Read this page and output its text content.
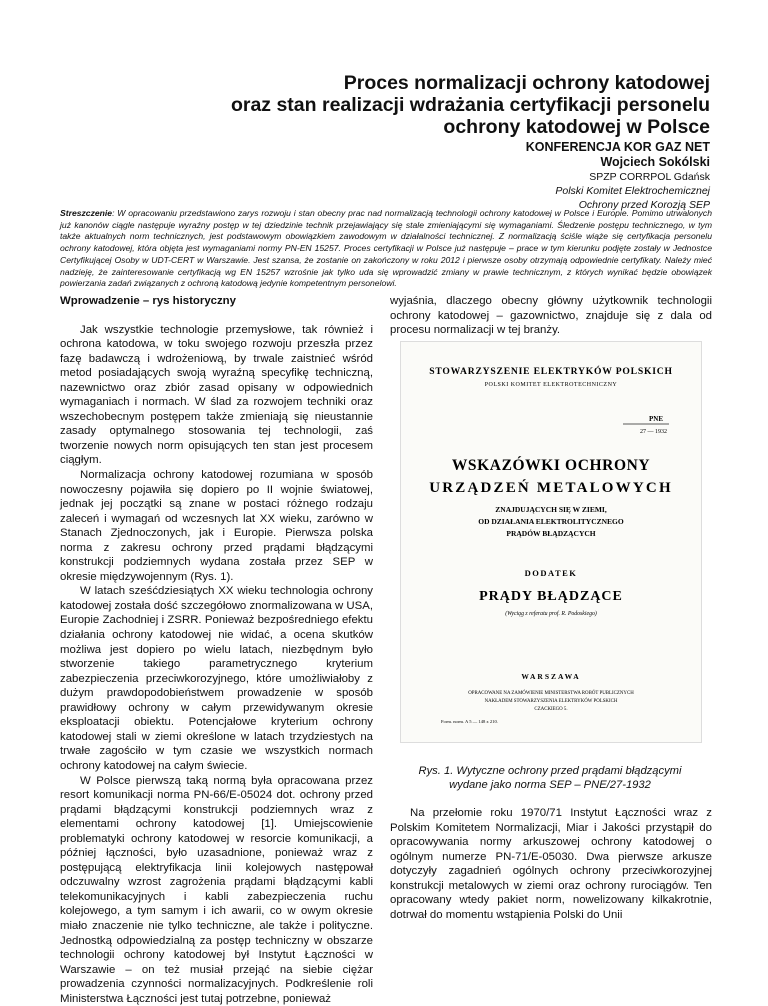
Proces normalizacji ochrony katodowej
oraz stan realizacji wdrażania certyfikacji personelu
ochrony katodowej w Polsce
KONFERENCJA KOR GAZ NET
Wojciech Sokólski
SPZP CORRPOL Gdańsk
Polski Komitet Elektrochemicznej
Ochrony przed Korozją SEP
Streszczenie: W opracowaniu przedstawiono zarys rozwoju i stan obecny prac nad normalizacją technologii ochrony katodowej w Polsce i Europie. Pomimo utrwalonych już kanonów ciągle następuje wyraźny postęp w tej dziedzinie technik przejawiający się stale zmieniającymi się wymaganiami. Śledzenie postępu technicznego, w tym także aktualnych norm technicznych, jest podstawowym obowiązkiem zawodowym w działalności technicznej. Z normalizacją ściśle wiąże się certyfikacja personelu ochrony katodowej, która objęta jest wymaganiami normy PN-EN 15257. Proces certyfikacji w Polsce już następuje – prace w tym kierunku podjęte zostały w Jednostce Certyfikującej Osoby w UDT-CERT w Warszawie. Jest szansa, że zostanie on zakończony w roku 2012 i pierwsze osoby otrzymają odpowiednie certyfikaty. Należy mieć nadzieję, że zainteresowanie certyfikacją wg EN 15257 wzrośnie jak tylko uda się wprowadzić zmiany w prawie technicznym, z których wynikać będzie obowiązek powierzania zadań związanych z ochroną katodową jedynie kompetentnym personelowi.
Wprowadzenie – rys historyczny

Jak wszystkie technologie przemysłowe, tak również i ochrona katodowa, w toku swojego rozwoju przeszła przez fazę badawczą i wdrożeniową, by trwale zaistnieć wśród metod posiadających swoją wyraźną specyfikę techniczną, nazewnictwo oraz zbiór zasad opisany w odpowiednich wymaganiach i normach. W ślad za rozwojem techniki oraz wszechobecnym postępem także zmieniają się nieustannie zasady optymalnego stosowania tej technologii, zaś tworzenie nowych norm opisujących ten stan jest procesem ciągłym.

Normalizacja ochrony katodowej rozumiana w sposób nowoczesny pojawiła się dopiero po II wojnie światowej, jednak jej początki są znane w postaci różnego rodzaju zaleceń i wymagań od wczesnych lat XX wieku, zarówno w Stanach Zjednoczonych, jak i Europie. Pierwsza polska norma z zakresu ochrony przed prądami błądzącymi konstrukcji podziemnych wydana została przez SEP w okresie międzywojennym (Rys. 1).

W latach sześćdziesiątych XX wieku technologia ochrony katodowej została dość szczegółowo znormalizowana w USA, Europie Zachodniej i ZSRR. Ponieważ bezpośredniego efektu działania ochrony katodowej nie widać, a ocena skutków możliwa jest dopiero po wielu latach, niezbędnym było stworzenie takiego parametrycznego kryterium zabezpieczenia przeciwkorozyjnego, które umożliwiałoby z dużym prawdopodobieństwem prowadzenie w sposób prawidłowy ochrony w całym przewidywanym okresie eksploatacji obiektu. Potencjałowe kryterium ochrony katodowej stali w ziemi określone w latach trzydziestych na trwałe zagościło w tym czasie we wszystkich normach ochrony katodowej na całym świecie.

W Polsce pierwszą taką normą była opracowana przez resort komunikacji norma PN-66/E-05024 dot. ochrony przed prądami błądzącymi konstrukcji podziemnych wraz z elementami ochrony katodowej [1]. Umiejscowienie problematyki ochrony katodowej w resorcie komunikacji, a później łączności, było uzasadnione, ponieważ wraz z postępującą elektryfikacja linii kolejowych następował odczuwalny wzrost zagrożenia prądami błądzącymi kabli telekomunikacyjnych i kabli zabezpieczenia ruchu kolejowego, a tym samym i ich awarii, co w owym okresie miało znaczenie nie tylko techniczne, ale także i polityczne. Jednostką odpowiedzialną za postęp techniczny w obszarze technologii ochrony katodowej był Instytut Łączności w Warszawie – on też musiał przejąć na siebie ciężar prowadzenia czynności normalizacyjnych. Podkreślenie roli Ministerstwa Łączności jest tutaj potrzebne, ponieważ

wyjaśnia, dlaczego obecny główny użytkownik technologii ochrony katodowej – gazownictwo, znajduje się z dala od procesu normalizacji w tej branży.

STOWARZYSZENIE ELEKTRYKÓW POLSKICH
POLSKI KOMITET ELEKTROTECHNICZNY
PNE
27 — 1932
WSKAZÓWKI OCHRONY
URZĄDZEŃ METALOWYCH
ZNAJDUJĄCYCH SIĘ W ZIEMI,
OD DZIAŁANIA ELEKTROLITYCZNEGO
PRĄDÓW BŁĄDZĄCYCH
DODATEK
PRĄDY BŁĄDZĄCE
(Wyciąg z referatu prof. R. Podoskiego)
WARSZAWA
OPRACOWANE NA ZAMÓWIENIE MINISTERSTWA ROBÓT PUBLICZNYCH
NAKŁADEM STOWARZYSZENIA ELEKTRYKÓW POLSKICH
CZACKIEGO 5.
Form. norm. A 5 — 148 x 210.
Rys. 1. Wytyczne ochrony przed prądami błądzącymi
wydane jako norma SEP – PNE/27-1932

Na przełomie roku 1970/71 Instytut Łączności wraz z Polskim Komitetem Normalizacji, Miar i Jakości przystąpił do opracowywania normy arkuszowej ochrony katodowej o ogólnym numerze PN-71/E-05030. Dwa pierwsze arkusze dotyczyły zagadnień ogólnych ochrony przeciwkorozyjnej konstrukcji metalowych w ziemi oraz ochrony rurociągów. Ten opracowany wtedy pakiet norm, nowelizowany kilkakrotnie, dotrwał do momentu wstąpienia Polski do Unii
